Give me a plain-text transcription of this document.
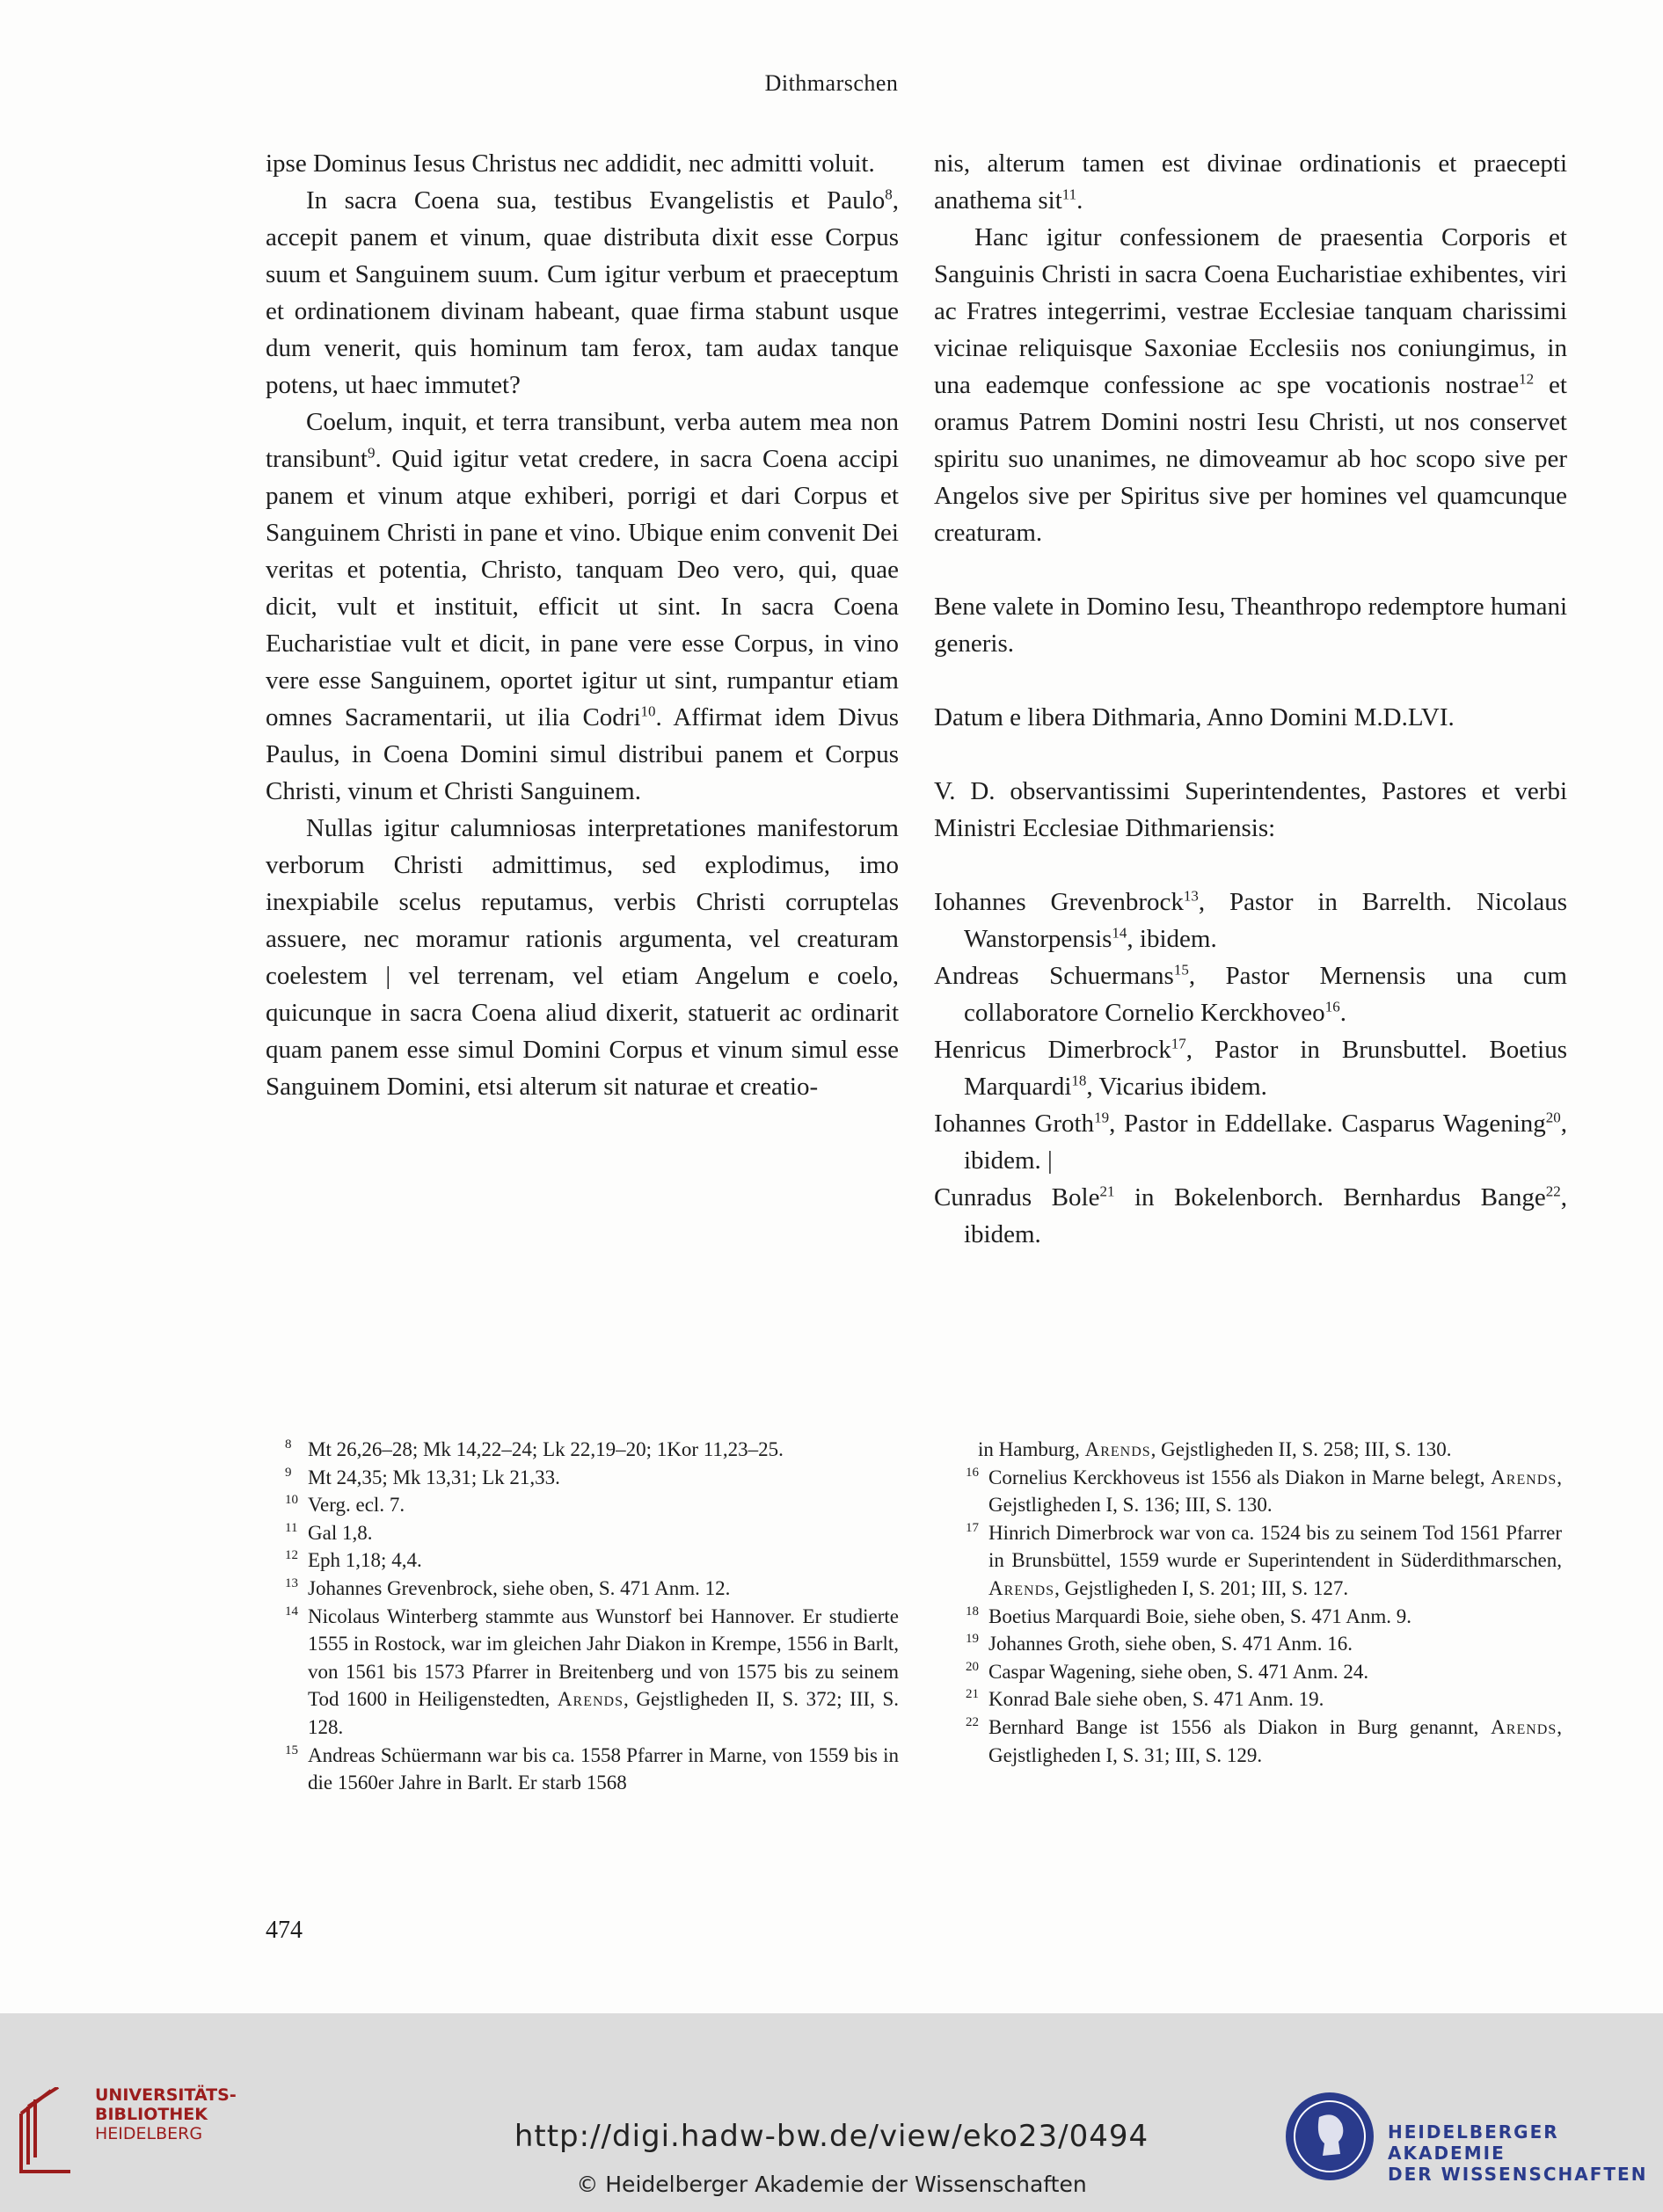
Dithmarschen

ipse Dominus Iesus Christus nec addidit, nec admitti voluit.

In sacra Coena sua, testibus Evangelistis et Paulo$^8$, accepit panem et vinum, quae distributa dixit esse Corpus suum et Sanguinem suum. Cum igitur verbum et praeceptum et ordinationem divinam habeant, quae firma stabunt usque dum venerit, quis hominum tam ferox, tam audax tanque potens, ut haec immutet?

Coelum, inquit, et terra transibunt, verba autem mea non transibunt$^9$. Quid igitur vetat credere, in sacra Coena accipi panem et vinum atque exhiberi, porrigi et dari Corpus et Sanguinem Christi in pane et vino. Ubique enim convenit Dei veritas et potentia, Christo, tanquam Deo vero, qui, quae dicit, vult et instituit, efficit ut sint. In sacra Coena Eucharistiae vult et dicit, in pane vere esse Corpus, in vino vere esse Sanguinem, oportet igitur ut sint, rumpantur etiam omnes Sacramentarii, ut ilia Codri$^{10}$. Affirmat idem Divus Paulus, in Coena Domini simul distribui panem et Corpus Christi, vinum et Christi Sanguinem.

Nullas igitur calumniosas interpretationes manifestorum verborum Christi admittimus, sed explodimus, imo inexpiabile scelus reputamus, verbis Christi corruptelas assuere, nec moramur rationis argumenta, vel creaturam coelestem | vel terrenam, vel etiam Angelum e coelo, quicunque in sacra Coena aliud dixerit, statuerit ac ordinarit quam panem esse simul Domini Corpus et vinum simul esse Sanguinem Domini, etsi alterum sit naturae et creatio-

nis, alterum tamen est divinae ordinationis et praecepti anathema sit$^{11}$.

Hanc igitur confessionem de praesentia Corporis et Sanguinis Christi in sacra Coena Eucharistiae exhibentes, viri ac Fratres integerrimi, vestrae Ecclesiae tanquam charissimi vicinae reliquisque Saxoniae Ecclesiis nos coniungimus, in una eademque confessione ac spe vocationis nostrae$^{12}$ et oramus Patrem Domini nostri Iesu Christi, ut nos conservet spiritu suo unanimes, ne dimoveamur ab hoc scopo sive per Angelos sive per Spiritus sive per homines vel quamcunque creaturam.

Bene valete in Domino Iesu, Theanthropo redemptore humani generis.

Datum e libera Dithmaria, Anno Domini M.D.LVI.

V. D. observantissimi Superintendentes, Pastores et verbi Ministri Ecclesiae Dithmariensis:

Iohannes Grevenbrock$^{13}$, Pastor in Barrelth. Nicolaus Wanstorpensis$^{14}$, ibidem.

Andreas Schuermans$^{15}$, Pastor Mernensis una cum collaboratore Cornelio Kerckhoveo$^{16}$.

Henricus Dimerbrock$^{17}$, Pastor in Brunsbuttel. Boetius Marquardi$^{18}$, Vicarius ibidem.

Iohannes Groth$^{19}$, Pastor in Eddellake. Casparus Wagening$^{20}$, ibidem. |

Cunradus Bole$^{21}$ in Bokelenborch. Bernhardus Bange$^{22}$, ibidem.

8 Mt 26,26–28; Mk 14,22–24; Lk 22,19–20; 1Kor 11,23–25.
9 Mt 24,35; Mk 13,31; Lk 21,33.
10 Verg. ecl. 7.
11 Gal 1,8.
12 Eph 1,18; 4,4.
13 Johannes Grevenbrock, siehe oben, S. 471 Anm. 12.
14 Nicolaus Winterberg stammte aus Wunstorf bei Hannover. Er studierte 1555 in Rostock, war im gleichen Jahr Diakon in Krempe, 1556 in Barlt, von 1561 bis 1573 Pfarrer in Breitenberg und von 1575 bis zu seinem Tod 1600 in Heiligenstedten, Arends, Gejstligheden II, S. 372; III, S. 128.
15 Andreas Schüermann war bis ca. 1558 Pfarrer in Marne, von 1559 bis in die 1560er Jahre in Barlt. Er starb 1568
in Hamburg, Arends, Gejstligheden II, S. 258; III, S. 130.
16 Cornelius Kerckhoveus ist 1556 als Diakon in Marne belegt, Arends, Gejstligheden I, S. 136; III, S. 130.
17 Hinrich Dimerbrock war von ca. 1524 bis zu seinem Tod 1561 Pfarrer in Brunsbüttel, 1559 wurde er Superintendent in Süderdithmarschen, Arends, Gejstligheden I, S. 201; III, S. 127.
18 Boetius Marquardi Boie, siehe oben, S. 471 Anm. 9.
19 Johannes Groth, siehe oben, S. 471 Anm. 16.
20 Caspar Wagening, siehe oben, S. 471 Anm. 24.
21 Konrad Bale siehe oben, S. 471 Anm. 19.
22 Bernhard Bange ist 1556 als Diakon in Burg genannt, Arends, Gejstligheden I, S. 31; III, S. 129.
474
UNIVERSITÄTS-
BIBLIOTHEK
HEIDELBERG	http://digi.hadw-bw.de/view/eko23/0494
© Heidelberger Akademie der Wissenschaften
HEIDELBERGER AKADEMIE
DER WISSENSCHAFTEN
